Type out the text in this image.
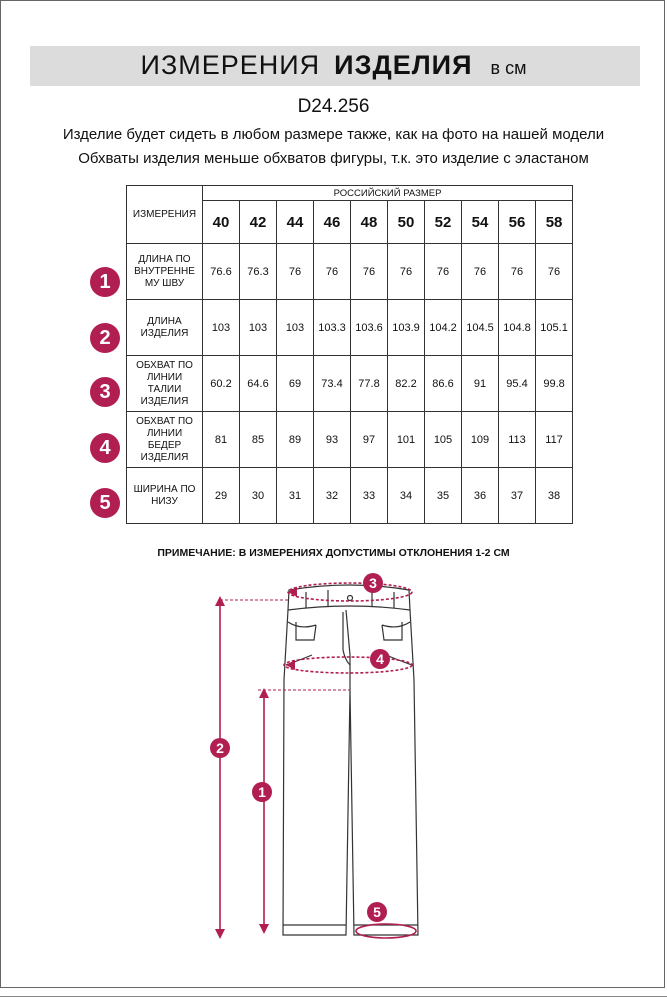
ИЗМЕРЕНИЯ ИЗДЕЛИЯ в см
D24.256
Изделие будет сидеть в любом размере также, как на фото на нашей модели
Обхваты изделия меньше обхватов фигуры, т.к. это изделие с эластаном
ИЗМЕРЕНИЯ	РОССИЙСКИЙ РАЗМЕР									
	40	42	44	46	48	50	52	54	56	58

ДЛИНА ПО
ВНУТРЕННЕ
МУ ШВУ	76.6	76.3	76	76	76	76	76	76	76	76

ДЛИНА
ИЗДЕЛИЯ	103	103	103	103.3	103.6	103.9	104.2	104.5	104.8	105.1

ОБХВАТ ПО
ЛИНИИ
ТАЛИИ
ИЗДЕЛИЯ	60.2	64.6	69	73.4	77.8	82.2	86.6	91	95.4	99.8

ОБХВАТ ПО
ЛИНИИ
БЕДЕР
ИЗДЕЛИЯ	81	85	89	93	97	101	105	109	113	117

ШИРИНА ПО
НИЗУ	29	30	31	32	33	34	35	36	37	38
1
2
3
4
5
ПРИМЕЧАНИЕ: В ИЗМЕРЕНИЯХ ДОПУСТИМЫ ОТКЛОНЕНИЯ 1-2 СМ
1
2
3
4
5
